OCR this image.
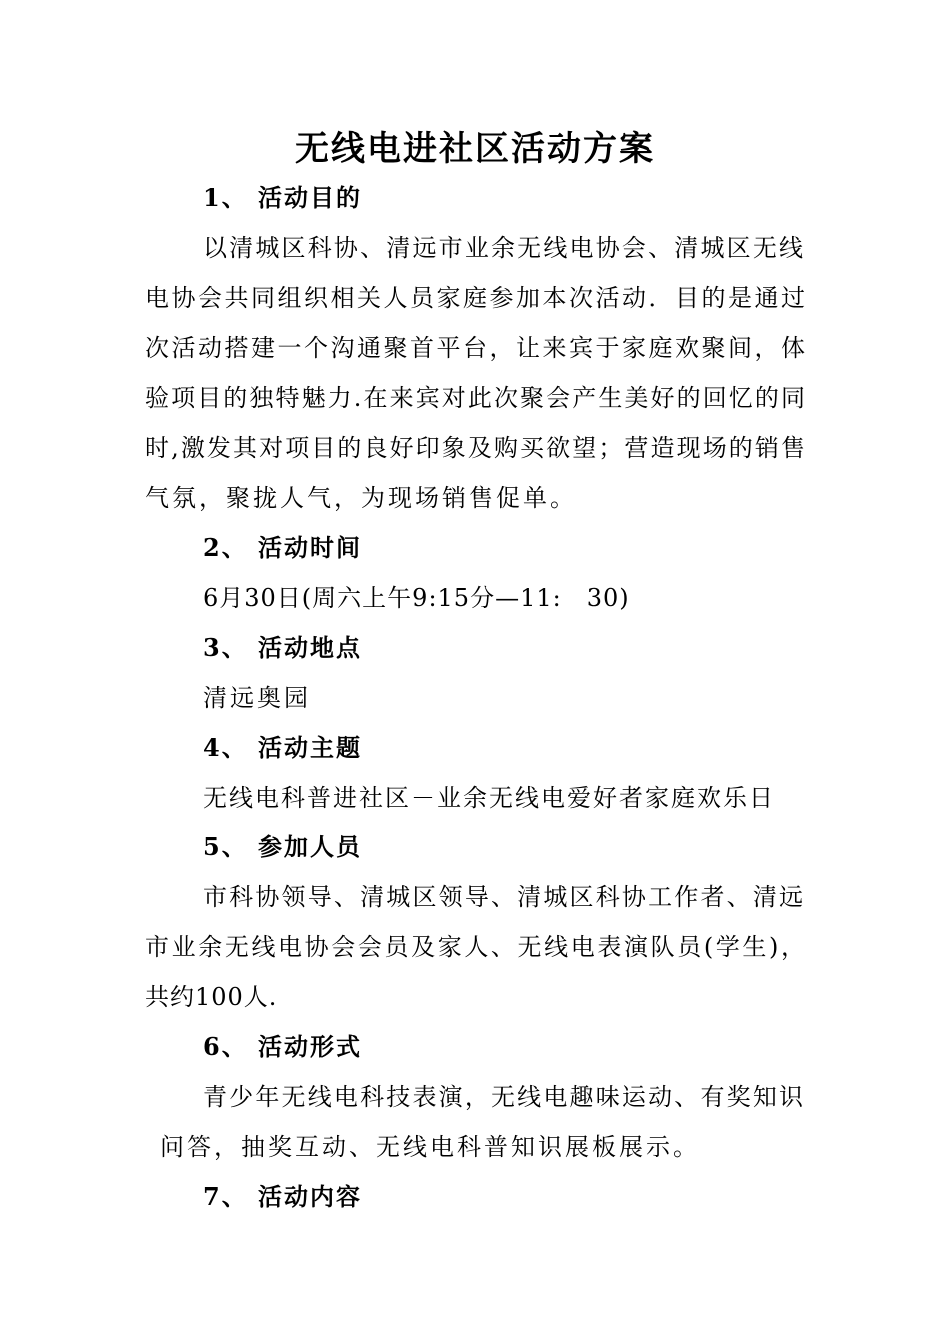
无线电进社区活动方案
1、 活动目的
以清城区科协、清远市业余无线电协会、清城区无线
电协会共同组织相关人员家庭参加本次活动．目的是通过
次活动搭建一个沟通聚首平台，让来宾于家庭欢聚间，体
验项目的独特魅力.在来宾对此次聚会产生美好的回忆的同
时,激发其对项目的良好印象及购买欲望；营造现场的销售
气氛，聚拢人气，为现场销售促单。
2、 活动时间
6月30日(周六上午9:15分—11:　30)
3、 活动地点
清远奥园
4、 活动主题
无线电科普进社区－业余无线电爱好者家庭欢乐日
5、 参加人员
市科协领导、清城区领导、清城区科协工作者、清远
市业余无线电协会会员及家人、无线电表演队员(学生)，
共约100人.
6、 活动形式
青少年无线电科技表演，无线电趣味运动、有奖知识
问答，抽奖互动、无线电科普知识展板展示。
7、 活动内容
